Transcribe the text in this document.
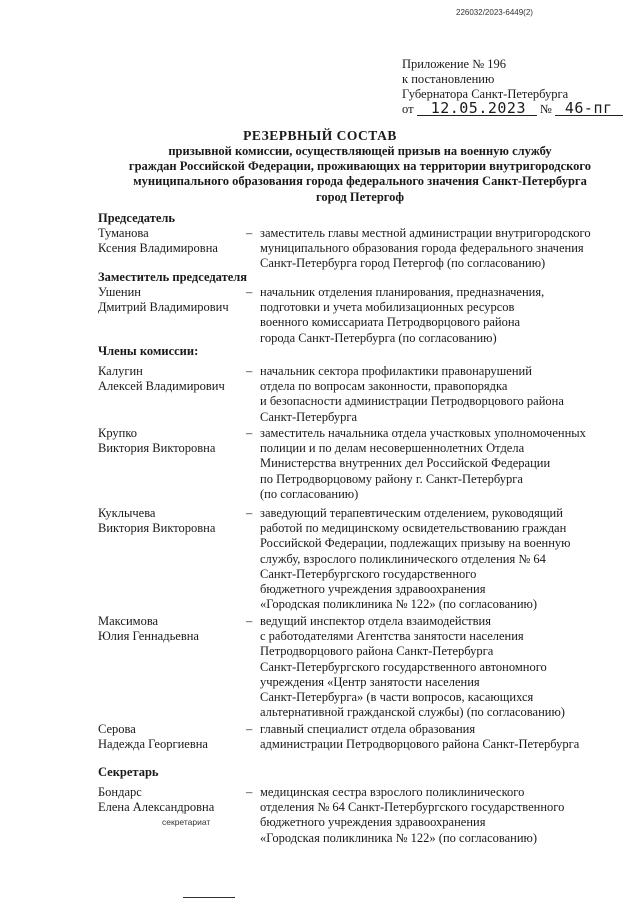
226032/2023-6449(2)
Приложение № 196
к постановлению
Губернатора Санкт-Петербурга
от 12.05.2023 № 46-пг
РЕЗЕРВНЫЙ СОСТАВ
призывной комиссии, осуществляющей призыв на военную службу
граждан Российской Федерации, проживающих на территории внутригородского
муниципального образования города федерального значения Санкт-Петербурга
город Петергоф
Председатель
Туманова
Ксения Владимировна
– заместитель главы местной администрации внутригородского
муниципального образования города федерального значения
Санкт-Петербурга город Петергоф (по согласованию)
Заместитель председателя
Ушенин
Дмитрий Владимирович
– начальник отделения планирования, предназначения,
подготовки и учета мобилизационных ресурсов
военного комиссариата Петродворцового района
города Санкт-Петербурга (по согласованию)
Члены комиссии:
Калугин
Алексей Владимирович
– начальник сектора профилактики правонарушений
отдела по вопросам законности, правопорядка
и безопасности администрации Петродворцового района
Санкт-Петербурга
Крупко
Виктория Викторовна
– заместитель начальника отдела участковых уполномоченных
полиции и по делам несовершеннолетних Отдела
Министерства внутренних дел Российской Федерации
по Петродворцовому району г. Санкт-Петербурга
(по согласованию)
Куклычева
Виктория Викторовна
– заведующий терапевтическим отделением, руководящий
работой по медицинскому освидетельствованию граждан
Российской Федерации, подлежащих призыву на военную
службу, взрослого поликлинического отделения № 64
Санкт-Петербургского государственного
бюджетного учреждения здравоохранения
«Городская поликлиника № 122» (по согласованию)
Максимова
Юлия Геннадьевна
– ведущий инспектор отдела взаимодействия
с работодателями Агентства занятости населения
Петродворцового района Санкт-Петербурга
Санкт-Петербургского государственного автономного
учреждения «Центр занятости населения
Санкт-Петербурга» (в части вопросов, касающихся
альтернативной гражданской службы) (по согласованию)
Серова
Надежда Георгиевна
– главный специалист отдела образования
администрации Петродворцового района Санкт-Петербурга
Секретарь
Бондарс
Елена Александровна
– медицинская сестра взрослого поликлинического
отделения № 64 Санкт-Петербургского государственного
бюджетного учреждения здравоохранения
«Городская поликлиника № 122» (по согласованию)
секретариат
